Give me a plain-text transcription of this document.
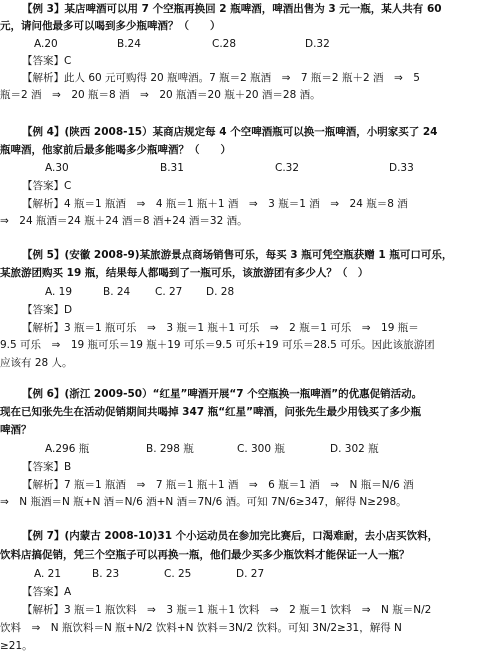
【例 3】某店啤酒可以用 7 个空瓶再换回 2 瓶啤酒，啤酒出售为 3 元一瓶，某人共有 60
元，请问他最多可以喝到多少瓶啤酒？（　　）
A.20	B.24	C.28	D.32
【答案】C
【解析】此人 60 元可购得 20 瓶啤酒。7 瓶＝2 瓶酒　⇒　7 瓶＝2 瓶＋2 酒　⇒　5
瓶＝2 酒　⇒　20 瓶＝8 酒　⇒　20 瓶酒＝20 瓶＋20 酒＝28 酒。
【例 4】(陕西 2008-15）某商店规定每 4 个空啤酒瓶可以换一瓶啤酒，小明家买了 24
瓶啤酒，他家前后最多能喝多少瓶啤酒？（　　）
A.30	B.31	C.32	D.33
【答案】C
【解析】4 瓶＝1 瓶酒　⇒　4 瓶＝1 瓶＋1 酒　⇒　3 瓶＝1 酒　⇒　24 瓶＝8 酒
⇒　24 瓶酒＝24 瓶＋24 酒＝8 酒+24 酒＝32 酒。
【例 5】(安徽 2008-9)某旅游景点商场销售可乐，每买 3 瓶可凭空瓶获赠 1 瓶可口可乐，
某旅游团购买 19 瓶，结果每人都喝到了一瓶可乐，该旅游团有多少人？（　）
A. 19	B. 24 C. 27 D. 28
【答案】D
【解析】3 瓶＝1 瓶可乐　⇒　3 瓶＝1 瓶＋1 可乐　⇒　2 瓶＝1 可乐　⇒　19 瓶＝
9.5 可乐　⇒　19 瓶可乐＝19 瓶＋19 可乐＝9.5 可乐+19 可乐＝28.5 可乐。因此该旅游团
应该有 28 人。
【例 6】(浙江 2009-50）“红星”啤酒开展“7 个空瓶换一瓶啤酒”的优惠促销活动。
现在已知张先生在活动促销期间共喝掉 347 瓶“红星”啤酒，问张先生最少用钱买了多少瓶
啤酒？
A.296 瓶	B. 298 瓶	C. 300 瓶	D. 302 瓶
【答案】B
【解析】7 瓶＝1 瓶酒　⇒　7 瓶＝1 瓶＋1 酒　⇒　6 瓶＝1 酒　⇒　N 瓶＝N/6 酒
⇒　N 瓶酒＝N 瓶+N 酒＝N/6 酒+N 酒＝7N/6 酒。可知 7N/6≥347，解得 N≥298。
【例 7】(内蒙古 2008-10)31 个小运动员在参加完比赛后，口渴难耐，去小店买饮料，
饮料店搞促销，凭三个空瓶子可以再换一瓶，他们最少买多少瓶饮料才能保证一人一瓶？
A. 21	B. 23	C. 25	D. 27
【答案】A
【解析】3 瓶＝1 瓶饮料　⇒　3 瓶＝1 瓶＋1 饮料　⇒　2 瓶＝1 饮料　⇒　N 瓶＝N/2
饮料　⇒　N 瓶饮料＝N 瓶+N/2 饮料+N 饮料＝3N/2 饮料。可知 3N/2≥31，解得 N
≥21。
